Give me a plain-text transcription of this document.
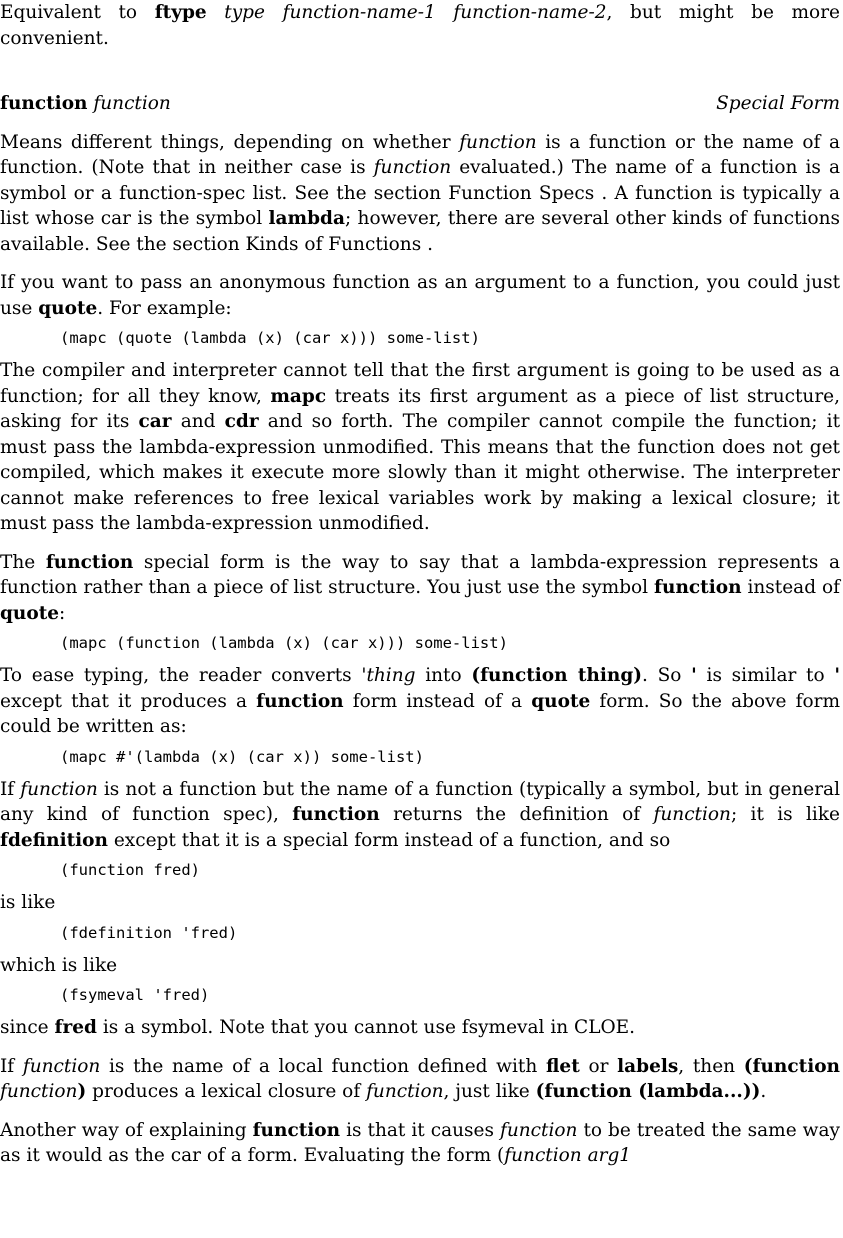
Equivalent to ftype type function-name-1 function-name-2, but might be more convenient.

function function	Special Form

Means different things, depending on whether function is a function or the name of a function. (Note that in neither case is function evaluated.) The name of a function is a symbol or a function-spec list. See the section Function Specs . A function is typically a list whose car is the symbol lambda; however, there are several other kinds of functions available. See the section Kinds of Functions .

If you want to pass an anonymous function as an argument to a function, you could just use quote. For example:

(mapc (quote (lambda (x) (car x))) some-list)

The compiler and interpreter cannot tell that the first argument is going to be used as a function; for all they know, mapc treats its first argument as a piece of list structure, asking for its car and cdr and so forth. The compiler cannot compile the function; it must pass the lambda-expression unmodified. This means that the function does not get compiled, which makes it execute more slowly than it might otherwise. The interpreter cannot make references to free lexical variables work by making a lexical closure; it must pass the lambda-expression unmodified.

The function special form is the way to say that a lambda-expression represents a function rather than a piece of list structure. You just use the symbol function instead of quote:

(mapc (function (lambda (x) (car x))) some-list)

To ease typing, the reader converts 'thing into (function thing). So ' is similar to ' except that it produces a function form instead of a quote form. So the above form could be written as:

(mapc #'(lambda (x) (car x)) some-list)

If function is not a function but the name of a function (typically a symbol, but in general any kind of function spec), function returns the definition of function; it is like fdefinition except that it is a special form instead of a function, and so

(function fred)

is like

(fdefinition 'fred)

which is like

(fsymeval 'fred)

since fred is a symbol. Note that you cannot use fsymeval in CLOE.

If function is the name of a local function defined with flet or labels, then (function function) produces a lexical closure of function, just like (function (lambda...)).

Another way of explaining function is that it causes function to be treated the same way as it would as the car of a form. Evaluating the form (function arg1
